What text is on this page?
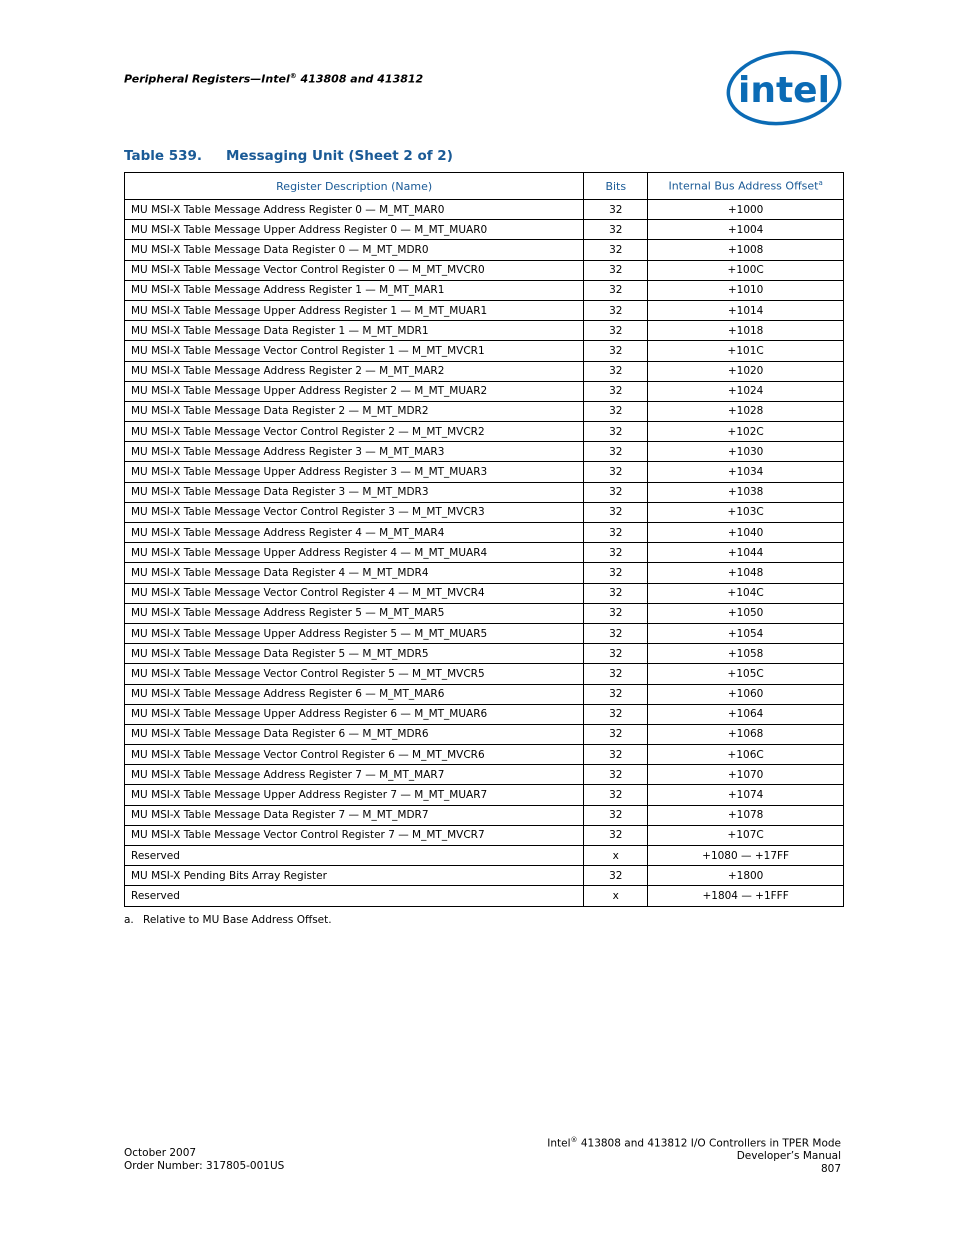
Peripheral Registers—Intel® 413808 and 413812	intel
Table 539. Messaging Unit (Sheet 2 of 2)
Register Description (Name)	Bits	Internal Bus Address Offset$^a$
MU MSI-X Table Message Address Register 0 — M_MT_MAR0	32	+1000
MU MSI-X Table Message Upper Address Register 0 — M_MT_MUAR0	32	+1004
MU MSI-X Table Message Data Register 0 — M_MT_MDR0	32	+1008
MU MSI-X Table Message Vector Control Register 0 — M_MT_MVCR0	32	+100C
MU MSI-X Table Message Address Register 1 — M_MT_MAR1	32	+1010
MU MSI-X Table Message Upper Address Register 1 — M_MT_MUAR1	32	+1014
MU MSI-X Table Message Data Register 1 — M_MT_MDR1	32	+1018
MU MSI-X Table Message Vector Control Register 1 — M_MT_MVCR1	32	+101C
MU MSI-X Table Message Address Register 2 — M_MT_MAR2	32	+1020
MU MSI-X Table Message Upper Address Register 2 — M_MT_MUAR2	32	+1024
MU MSI-X Table Message Data Register 2 — M_MT_MDR2	32	+1028
MU MSI-X Table Message Vector Control Register 2 — M_MT_MVCR2	32	+102C
MU MSI-X Table Message Address Register 3 — M_MT_MAR3	32	+1030
MU MSI-X Table Message Upper Address Register 3 — M_MT_MUAR3	32	+1034
MU MSI-X Table Message Data Register 3 — M_MT_MDR3	32	+1038
MU MSI-X Table Message Vector Control Register 3 — M_MT_MVCR3	32	+103C
MU MSI-X Table Message Address Register 4 — M_MT_MAR4	32	+1040
MU MSI-X Table Message Upper Address Register 4 — M_MT_MUAR4	32	+1044
MU MSI-X Table Message Data Register 4 — M_MT_MDR4	32	+1048
MU MSI-X Table Message Vector Control Register 4 — M_MT_MVCR4	32	+104C
MU MSI-X Table Message Address Register 5 — M_MT_MAR5	32	+1050
MU MSI-X Table Message Upper Address Register 5 — M_MT_MUAR5	32	+1054
MU MSI-X Table Message Data Register 5 — M_MT_MDR5	32	+1058
MU MSI-X Table Message Vector Control Register 5 — M_MT_MVCR5	32	+105C
MU MSI-X Table Message Address Register 6 — M_MT_MAR6	32	+1060
MU MSI-X Table Message Upper Address Register 6 — M_MT_MUAR6	32	+1064
MU MSI-X Table Message Data Register 6 — M_MT_MDR6	32	+1068
MU MSI-X Table Message Vector Control Register 6 — M_MT_MVCR6	32	+106C
MU MSI-X Table Message Address Register 7 — M_MT_MAR7	32	+1070
MU MSI-X Table Message Upper Address Register 7 — M_MT_MUAR7	32	+1074
MU MSI-X Table Message Data Register 7 — M_MT_MDR7	32	+1078
MU MSI-X Table Message Vector Control Register 7 — M_MT_MVCR7	32	+107C
Reserved	x	+1080 — +17FF
MU MSI-X Pending Bits Array Register	32	+1800
Reserved	x	+1804 — +1FFF
a. Relative to MU Base Address Offset.
October 2007
Order Number: 317805-001US
Intel® 413808 and 413812 I/O Controllers in TPER Mode
Developer’s Manual
807
